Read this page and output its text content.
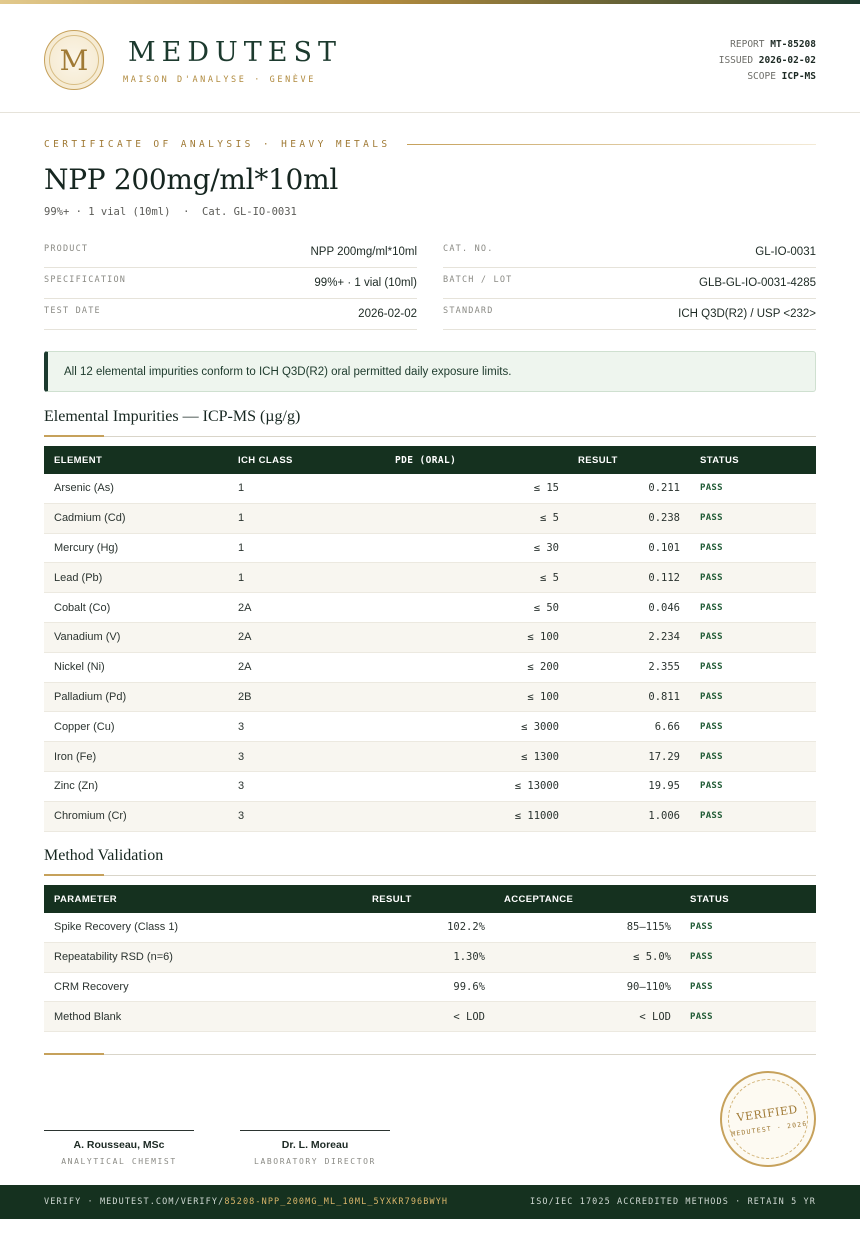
M	MEDUTEST
MAISON D'ANALYSE · GENÈVE
REPORT MT-85208
ISSUED 2026-02-02
SCOPE ICP-MS
CERTIFICATE OF ANALYSIS · HEAVY METALS
NPP 200mg/ml*10ml
99%+ · 1 vial (10ml)  ·  Cat. GL-IO-0031
PRODUCT	NPP 200mg/ml*10ml
SPECIFICATION	99%+ · 1 vial (10ml)
TEST DATE	2026-02-02
CAT. NO.	GL-IO-0031
BATCH / LOT	GLB-GL-IO-0031-4285
STANDARD	ICH Q3D(R2) / USP <232>
All 12 elemental impurities conform to ICH Q3D(R2) oral permitted daily exposure limits.
Elemental Impurities — ICP-MS (µg/g)
ELEMENT	ICH CLASS	PDE (ORAL)	RESULT	STATUS
Arsenic (As)	1	≤ 15	0.211	PASS
Cadmium (Cd)	1	≤ 5	0.238	PASS
Mercury (Hg)	1	≤ 30	0.101	PASS
Lead (Pb)	1	≤ 5	0.112	PASS
Cobalt (Co)	2A	≤ 50	0.046	PASS
Vanadium (V)	2A	≤ 100	2.234	PASS
Nickel (Ni)	2A	≤ 200	2.355	PASS
Palladium (Pd)	2B	≤ 100	0.811	PASS
Copper (Cu)	3	≤ 3000	6.66	PASS
Iron (Fe)	3	≤ 1300	17.29	PASS
Zinc (Zn)	3	≤ 13000	19.95	PASS
Chromium (Cr)	3	≤ 11000	1.006	PASS
Method Validation
PARAMETER	RESULT	ACCEPTANCE	STATUS
Spike Recovery (Class 1)	102.2%	85–115%	PASS
Repeatability RSD (n=6)	1.30%	≤ 5.0%	PASS
CRM Recovery	99.6%	90–110%	PASS
Method Blank	< LOD	< LOD	PASS
A. Rousseau, MSc
ANALYTICAL CHEMIST
Dr. L. Moreau
LABORATORY DIRECTOR
VERIFIED
MEDUTEST · 2026
VERIFY · MEDUTEST.COM/VERIFY/85208-NPP_200MG_ML_10ML_5YXKR796BWYH	ISO/IEC 17025 ACCREDITED METHODS · RETAIN 5 YR
